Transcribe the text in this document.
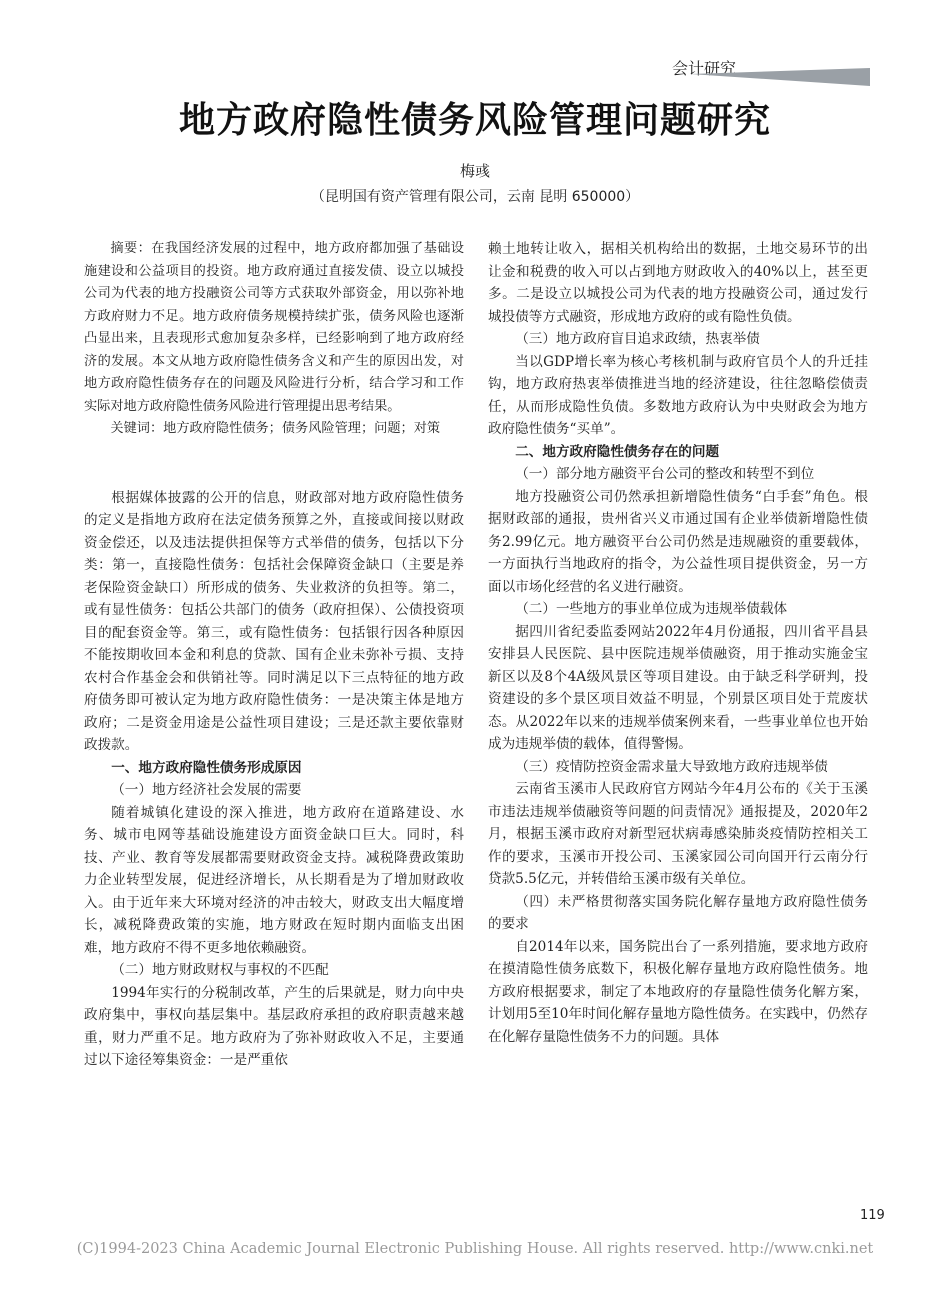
会计研究
地方政府隐性债务风险管理问题研究
梅彧
（昆明国有资产管理有限公司，云南 昆明 650000）

摘要：在我国经济发展的过程中，地方政府都加强了基础设施建设和公益项目的投资。地方政府通过直接发债、设立以城投公司为代表的地方投融资公司等方式获取外部资金，用以弥补地方政府财力不足。地方政府债务规模持续扩张，债务风险也逐渐凸显出来，且表现形式愈加复杂多样，已经影响到了地方政府经济的发展。本文从地方政府隐性债务含义和产生的原因出发，对地方政府隐性债务存在的问题及风险进行分析，结合学习和工作实际对地方政府隐性债务风险进行管理提出思考结果。

关键词：地方政府隐性债务；债务风险管理；问题；对策

根据媒体披露的公开的信息，财政部对地方政府隐性债务的定义是指地方政府在法定债务预算之外，直接或间接以财政资金偿还，以及违法提供担保等方式举借的债务，包括以下分类：第一，直接隐性债务：包括社会保障资金缺口（主要是养老保险资金缺口）所形成的债务、失业救济的负担等。第二，或有显性债务：包括公共部门的债务（政府担保）、公债投资项目的配套资金等。第三，或有隐性债务：包括银行因各种原因不能按期收回本金和利息的贷款、国有企业未弥补亏损、支持农村合作基金会和供销社等。同时满足以下三点特征的地方政府债务即可被认定为地方政府隐性债务：一是决策主体是地方政府；二是资金用途是公益性项目建设；三是还款主要依靠财政拨款。

一、地方政府隐性债务形成原因

（一）地方经济社会发展的需要

随着城镇化建设的深入推进，地方政府在道路建设、水务、城市电网等基础设施建设方面资金缺口巨大。同时，科技、产业、教育等发展都需要财政资金支持。减税降费政策助力企业转型发展，促进经济增长，从长期看是为了增加财政收入。由于近年来大环境对经济的冲击较大，财政支出大幅度增长，减税降费政策的实施，地方财政在短时期内面临支出困难，地方政府不得不更多地依赖融资。

（二）地方财政财权与事权的不匹配

1994年实行的分税制改革，产生的后果就是，财力向中央政府集中，事权向基层集中。基层政府承担的政府职责越来越重，财力严重不足。地方政府为了弥补财政收入不足，主要通过以下途径筹集资金：一是严重依

赖土地转让收入，据相关机构给出的数据，土地交易环节的出让金和税费的收入可以占到地方财政收入的40%以上，甚至更多。二是设立以城投公司为代表的地方投融资公司，通过发行城投债等方式融资，形成地方政府的或有隐性负债。

（三）地方政府盲目追求政绩，热衷举债

当以GDP增长率为核心考核机制与政府官员个人的升迁挂钩，地方政府热衷举债推进当地的经济建设，往往忽略偿债责任，从而形成隐性负债。多数地方政府认为中央财政会为地方政府隐性债务“买单”。

二、地方政府隐性债务存在的问题

（一）部分地方融资平台公司的整改和转型不到位

地方投融资公司仍然承担新增隐性债务“白手套”角色。根据财政部的通报，贵州省兴义市通过国有企业举债新增隐性债务2.99亿元。地方融资平台公司仍然是违规融资的重要载体，一方面执行当地政府的指令，为公益性项目提供资金，另一方面以市场化经营的名义进行融资。

（二）一些地方的事业单位成为违规举债载体

据四川省纪委监委网站2022年4月份通报，四川省平昌县安排县人民医院、县中医院违规举债融资，用于推动实施金宝新区以及8个4A级风景区等项目建设。由于缺乏科学研判，投资建设的多个景区项目效益不明显，个别景区项目处于荒废状态。从2022年以来的违规举债案例来看，一些事业单位也开始成为违规举债的载体，值得警惕。

（三）疫情防控资金需求量大导致地方政府违规举债

云南省玉溪市人民政府官方网站今年4月公布的《关于玉溪市违法违规举债融资等问题的问责情况》通报提及，2020年2月，根据玉溪市政府对新型冠状病毒感染肺炎疫情防控相关工作的要求，玉溪市开投公司、玉溪家园公司向国开行云南分行贷款5.5亿元，并转借给玉溪市级有关单位。

（四）未严格贯彻落实国务院化解存量地方政府隐性债务的要求

自2014年以来，国务院出台了一系列措施，要求地方政府在摸清隐性债务底数下，积极化解存量地方政府隐性债务。地方政府根据要求，制定了本地政府的存量隐性债务化解方案，计划用5至10年时间化解存量地方隐性债务。在实践中，仍然存在化解存量隐性债务不力的问题。具体

119
(C)1994-2023 China Academic Journal Electronic Publishing House. All rights reserved. http://www.cnki.net
